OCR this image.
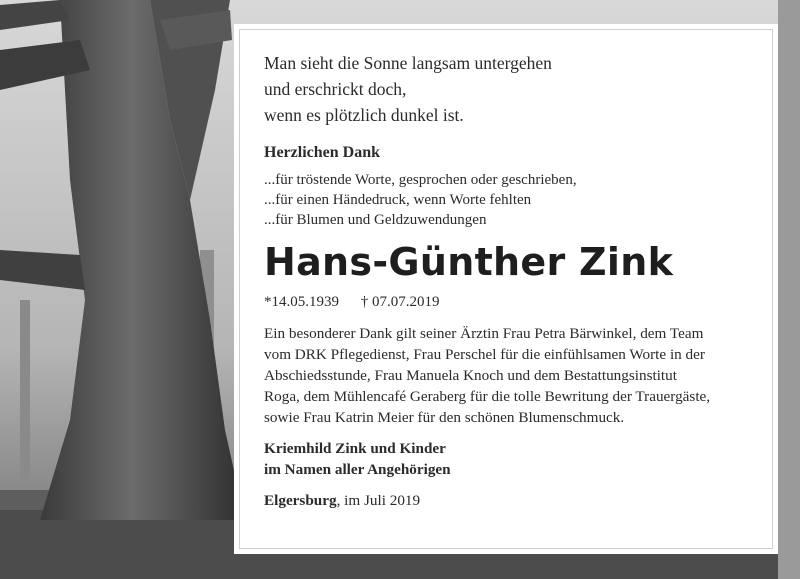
Man sieht die Sonne langsam untergehen
und erschrickt doch,
wenn es plötzlich dunkel ist.
Herzlichen Dank
...für tröstende Worte, gesprochen oder geschrieben,
...für einen Händedruck, wenn Worte fehlten
...für Blumen und Geldzuwendungen
Hans-Günther Zink
*14.05.1939 † 07.07.2019
Ein besonderer Dank gilt seiner Ärztin Frau Petra Bärwinkel, dem Team
vom DRK Pflegedienst, Frau Perschel für die einfühlsamen Worte in der
Abschiedsstunde, Frau Manuela Knoch und dem Bestattungsinstitut
Roga, dem Mühlencafé Geraberg für die tolle Bewritung der Trauergäste,
sowie Frau Katrin Meier für den schönen Blumenschmuck.
Kriemhild Zink und Kinder
im Namen aller Angehörigen
Elgersburg, im Juli 2019
